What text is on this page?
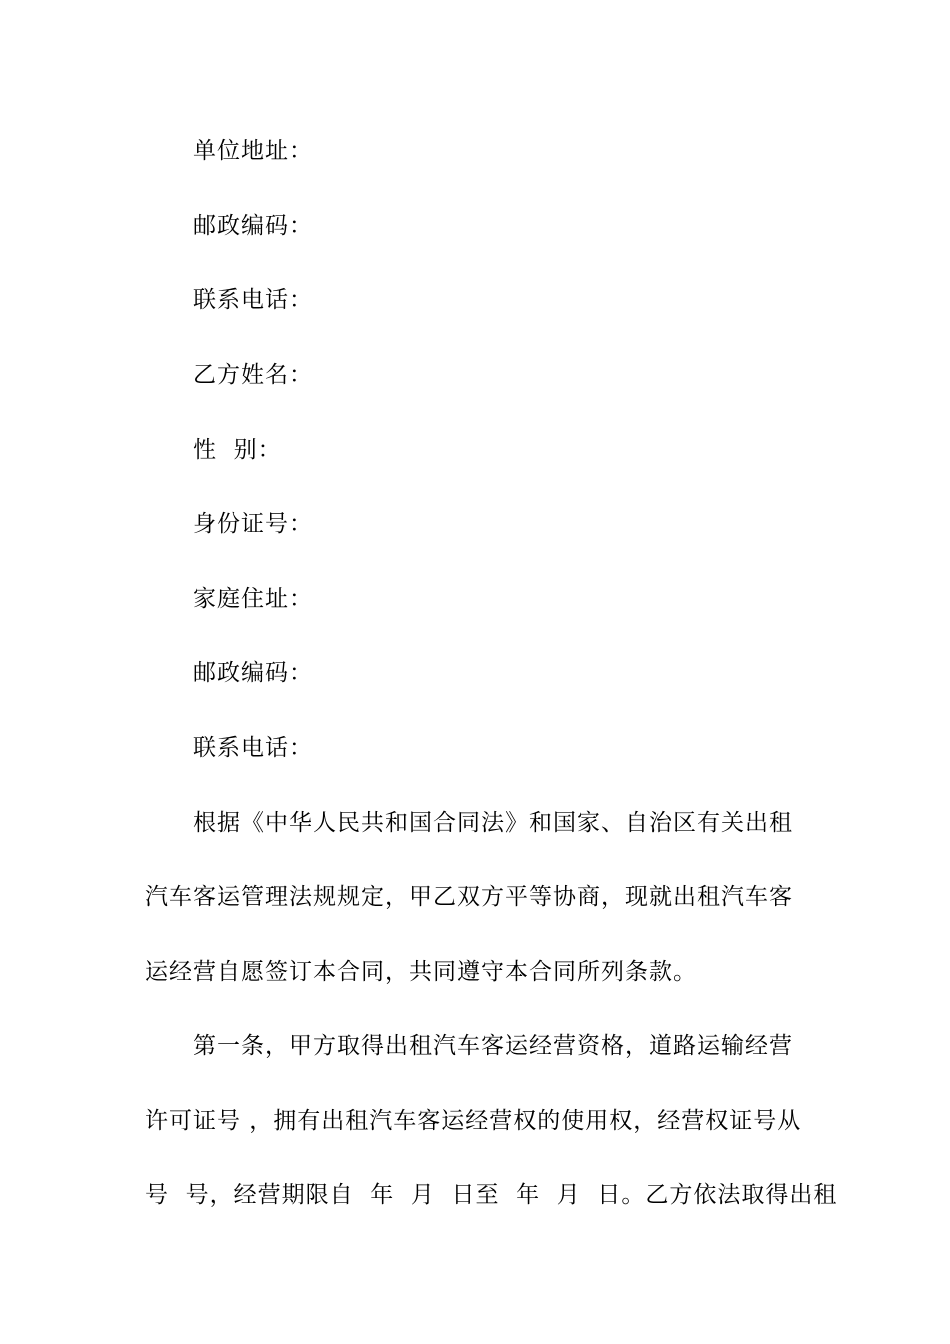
单位地址：
邮政编码：
联系电话：
乙方姓名：
性  别：
身份证号：
家庭住址：
邮政编码：
联系电话：
根据《中华人民共和国合同法》和国家、自治区有关出租
汽车客运管理法规规定，甲乙双方平等协商，现就出租汽车客
运经营自愿签订本合同，共同遵守本合同所列条款。
第一条，甲方取得出租汽车客运经营资格，道路运输经营
许可证号 ，拥有出租汽车客运经营权的使用权，经营权证号从
号  号，经营期限自  年  月  日至  年  月  日。乙方依法取得出租
